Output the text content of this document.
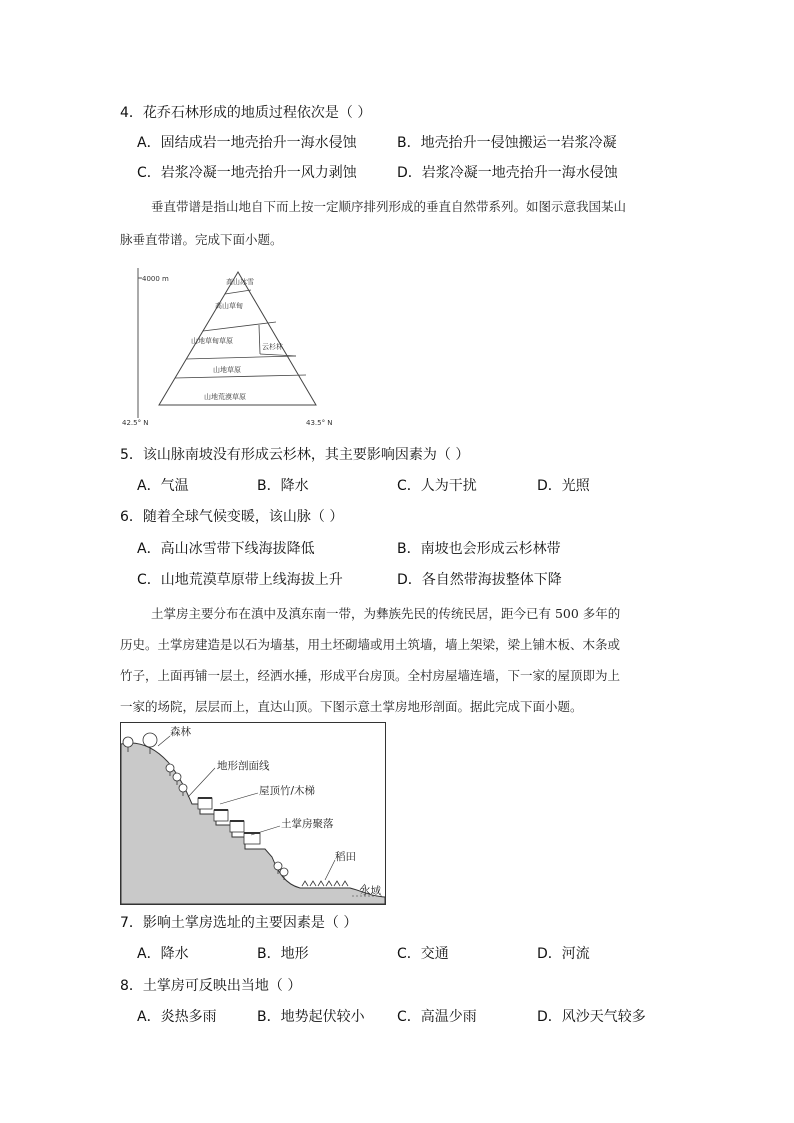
4．花乔石林形成的地质过程依次是（ ）
A．固结成岩一地壳抬升一海水侵蚀	B．地壳抬升一侵蚀搬运一岩浆冷凝
C．岩浆冷凝一地壳抬升一风力剥蚀	D．岩浆冷凝一地壳抬升一海水侵蚀
垂直带谱是指山地自下而上按一定顺序排列形成的垂直自然带系列。如图示意我国某山
脉垂直带谱。完成下面小题。
4000 m	高山冰雪
高山草甸
山地草甸草原
云杉林
山地草原
山地荒漠草原
42.5° N	43.5° N
5．该山脉南坡没有形成云杉林，其主要影响因素为（ ）
A．气温	B．降水	C．人为干扰	D．光照
6．随着全球气候变暖，该山脉（ ）
A．高山冰雪带下线海拔降低	B．南坡也会形成云杉林带
C．山地荒漠草原带上线海拔上升	D．各自然带海拔整体下降
土掌房主要分布在滇中及滇东南一带，为彝族先民的传统民居，距今已有 500 多年的
历史。土掌房建造是以石为墙基，用土坯砌墙或用土筑墙，墙上架梁，梁上铺木板、木条或
竹子，上面再铺一层土，经洒水捶，形成平台房顶。全村房屋墙连墙，下一家的屋顶即为上
一家的场院，层层而上，直达山顶。下图示意土掌房地形剖面。据此完成下面小题。
森林
地形剖面线
屋顶竹/木梯
土掌房聚落
稻田
水域
7．影响土掌房选址的主要因素是（ ）
A．降水	B．地形	C．交通	D．河流
8．土掌房可反映出当地（ ）
A．炎热多雨	B．地势起伏较小 C．高温少雨	D．风沙天气较多
